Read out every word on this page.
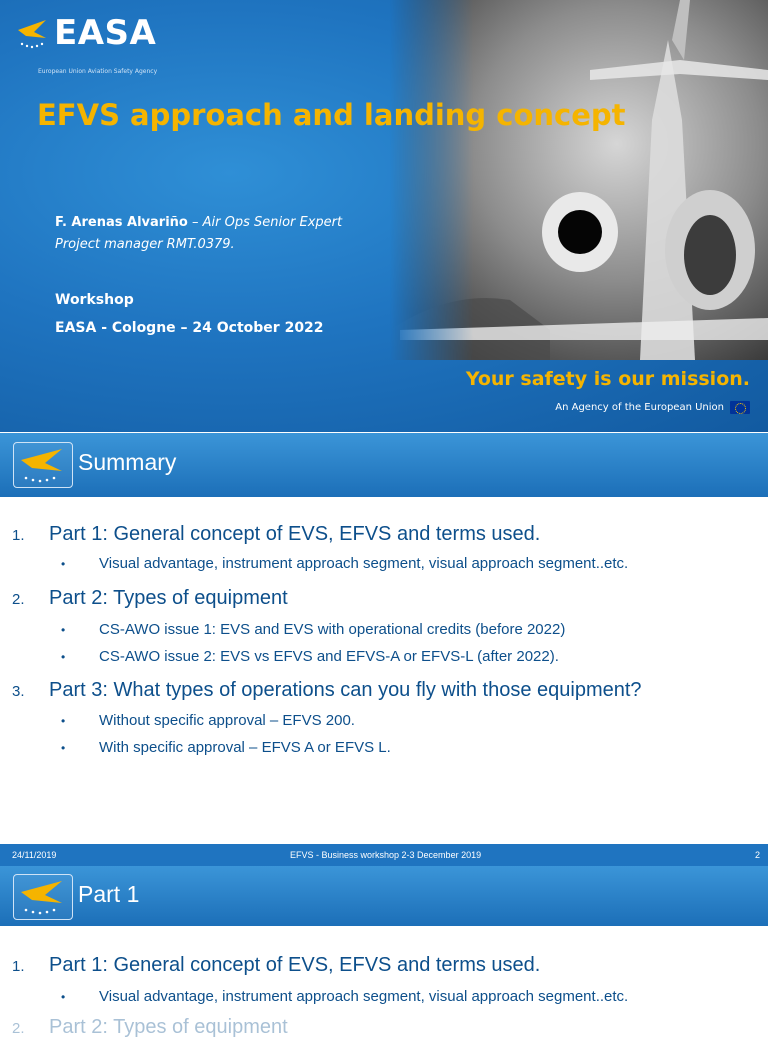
EASA
European Union Aviation Safety Agency
EFVS approach and landing concept
F. Arenas Alvariño – Air Ops Senior Expert
Project manager RMT.0379.
Workshop
EASA - Cologne – 24 October 2022
Your safety is our mission.
An Agency of the European Union
Summary
1. Part 1: General concept of EVS, EFVS and terms used.
• Visual advantage, instrument approach segment, visual approach segment..etc.
2. Part 2: Types of equipment
• CS-AWO issue 1: EVS and EVS with operational credits (before 2022)
• CS-AWO issue 2: EVS vs EFVS and EFVS-A or EFVS-L (after 2022).
3. Part 3: What types of operations can you fly with those equipment?
• Without specific approval – EFVS 200.
• With specific approval – EFVS A or EFVS L.
24/11/2019	EFVS - Business workshop 2-3 December 2019	2
Part 1
1. Part 1: General concept of EVS, EFVS and terms used.
• Visual advantage, instrument approach segment, visual approach segment..etc.
2. Part 2: Types of equipment
